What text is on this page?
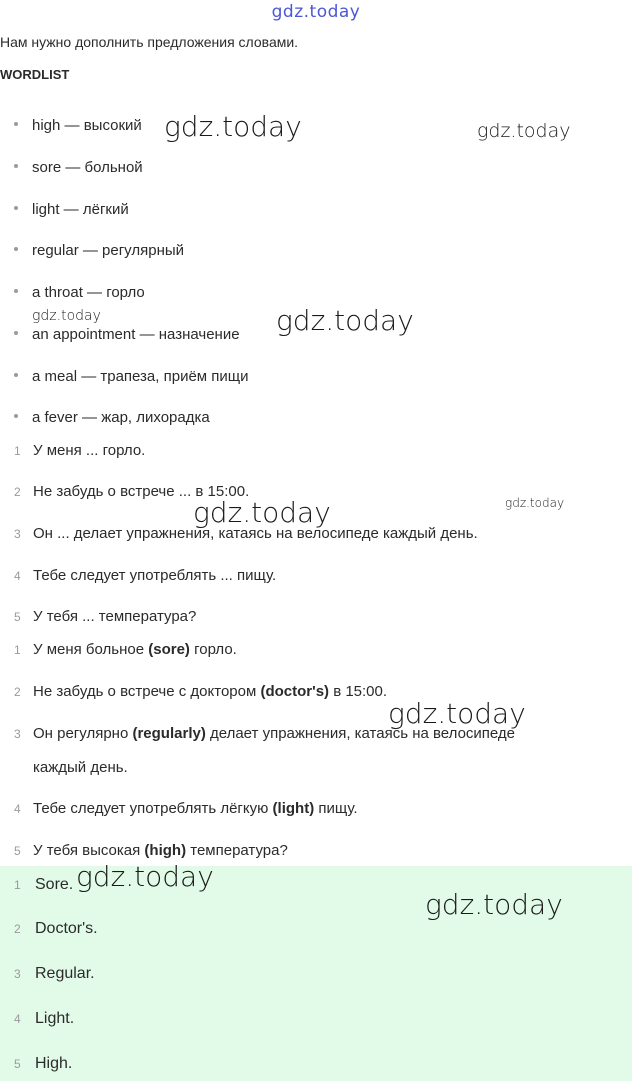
gdz.today
Нам нужно дополнить предложения словами.
WORDLIST
high — высокий
sore — больной
light — лёгкий
regular — регулярный
a throat — горло
an appointment — назначение
a meal — трапеза, приём пищи
a fever — жар, лихорадка
1 У меня ... горло.
2 Не забудь о встрече ... в 15:00.
3 Он ... делает упражнения, катаясь на велосипеде каждый день.
4 Тебе следует употреблять ... пищу.
5 У тебя ... температура?
1 У меня больное (sore) горло.
2 Не забудь о встрече с доктором (doctor's) в 15:00.
3 Он регулярно (regularly) делает упражнения, катаясь на велосипеде
каждый день.
4 Тебе следует употреблять лёгкую (light) пищу.
5 У тебя высокая (high) температура?
1 Sore.
2 Doctor's.
3 Regular.
4 Light.
5 High.
gdz.today	gdz.today
gdz.today	gdz.today
gdz.today
gdz.today
gdz.today
gdz.today
gdz.today
